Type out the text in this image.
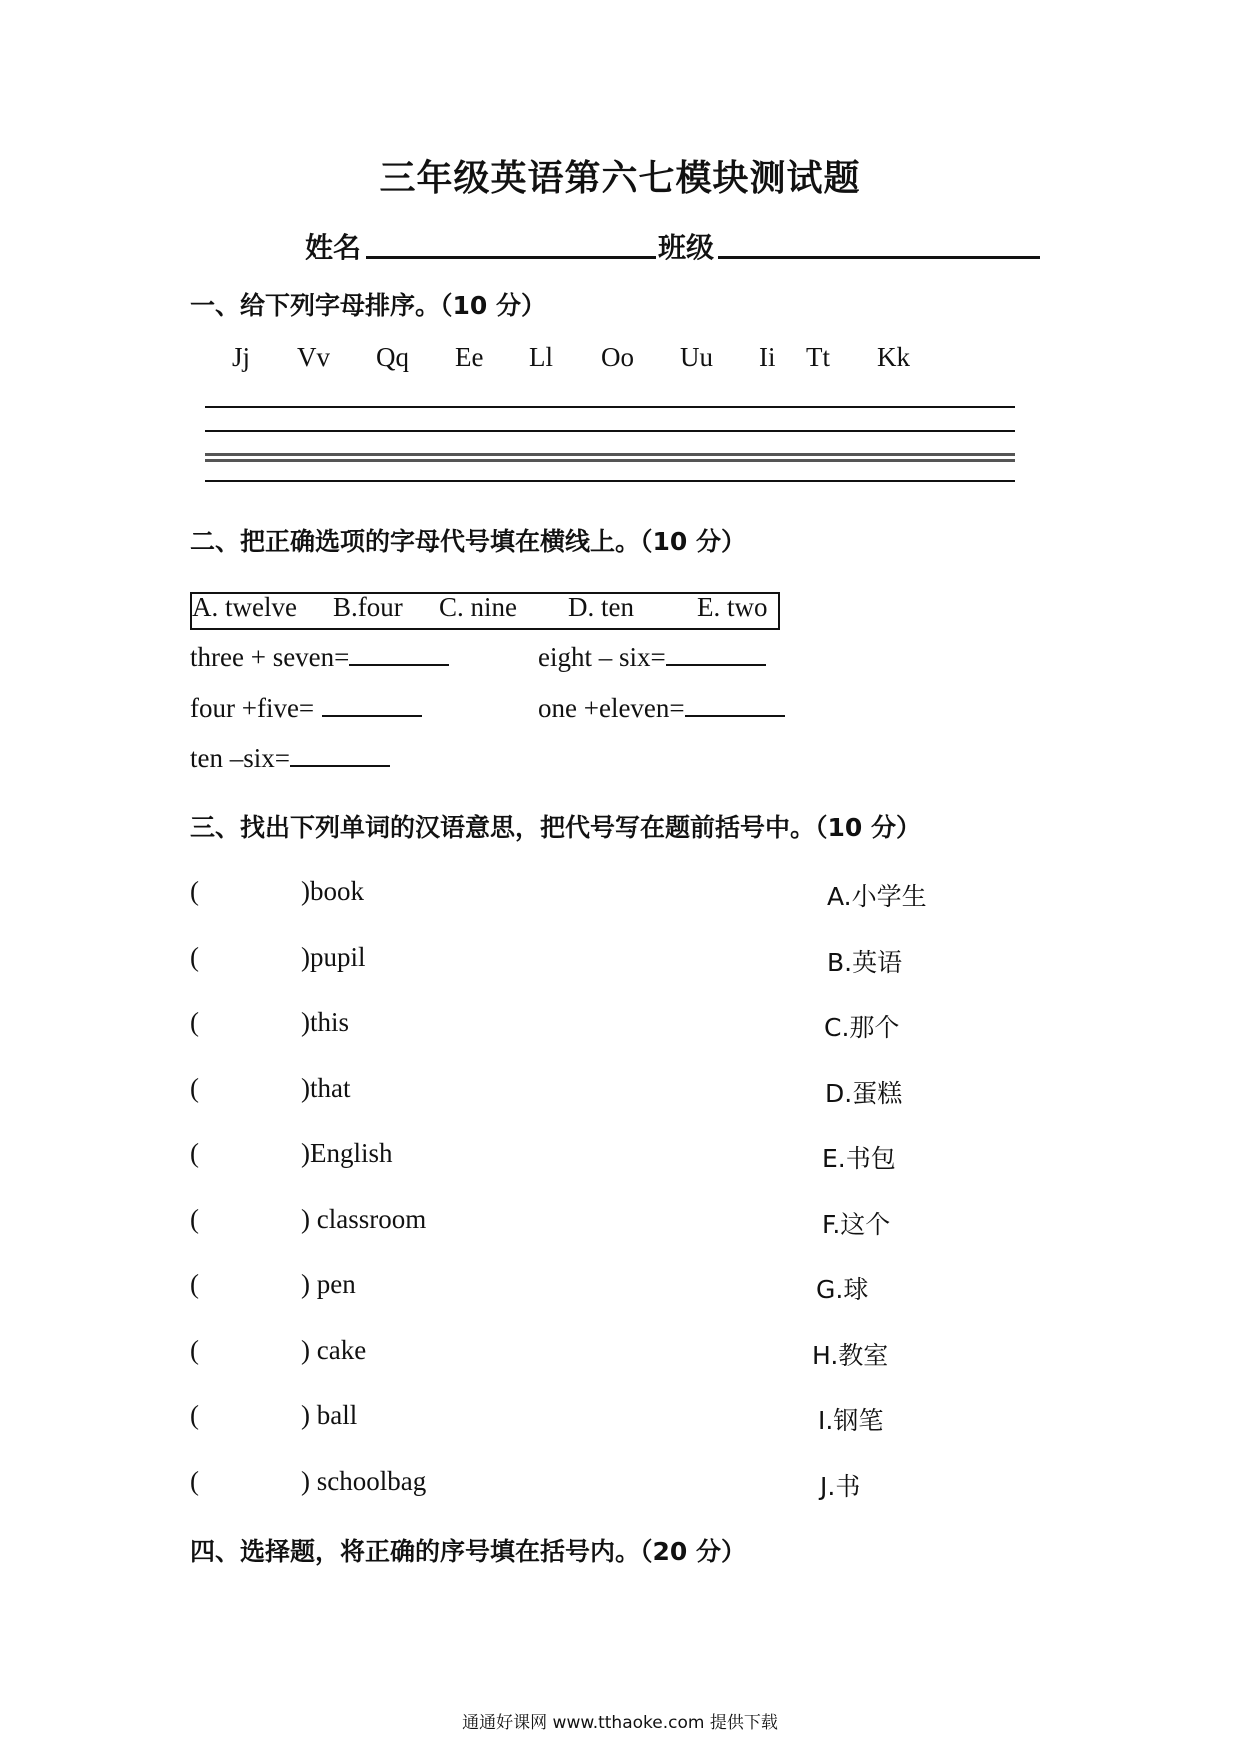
三年级英语第六七模块测试题
姓名	班级
一、给下列字母排序。（10 分）
Jj Vv Qq Ee Ll Oo Uu Ii Tt Kk
二、把正确选项的字母代号填在横线上。（10 分）
A. twelve B.four C. nine D. ten E. two
three + seven=	eight – six=
four +five=	one +eleven=
ten –six=
三、找出下列单词的汉语意思，把代号写在题前括号中。（10 分）
(	)book	A.小学生
(	)pupil	B.英语
(	)this	C.那个
(	)that	D.蛋糕
(	)English	E.书包
(	) classroom	F.这个
(	) pen	G.球
(	) cake	H.教室
(	) ball	I.钢笔
(	) schoolbag	J.书
四、选择题，将正确的序号填在括号内。（20 分）
通通好课网 www.tthaoke.com 提供下载
